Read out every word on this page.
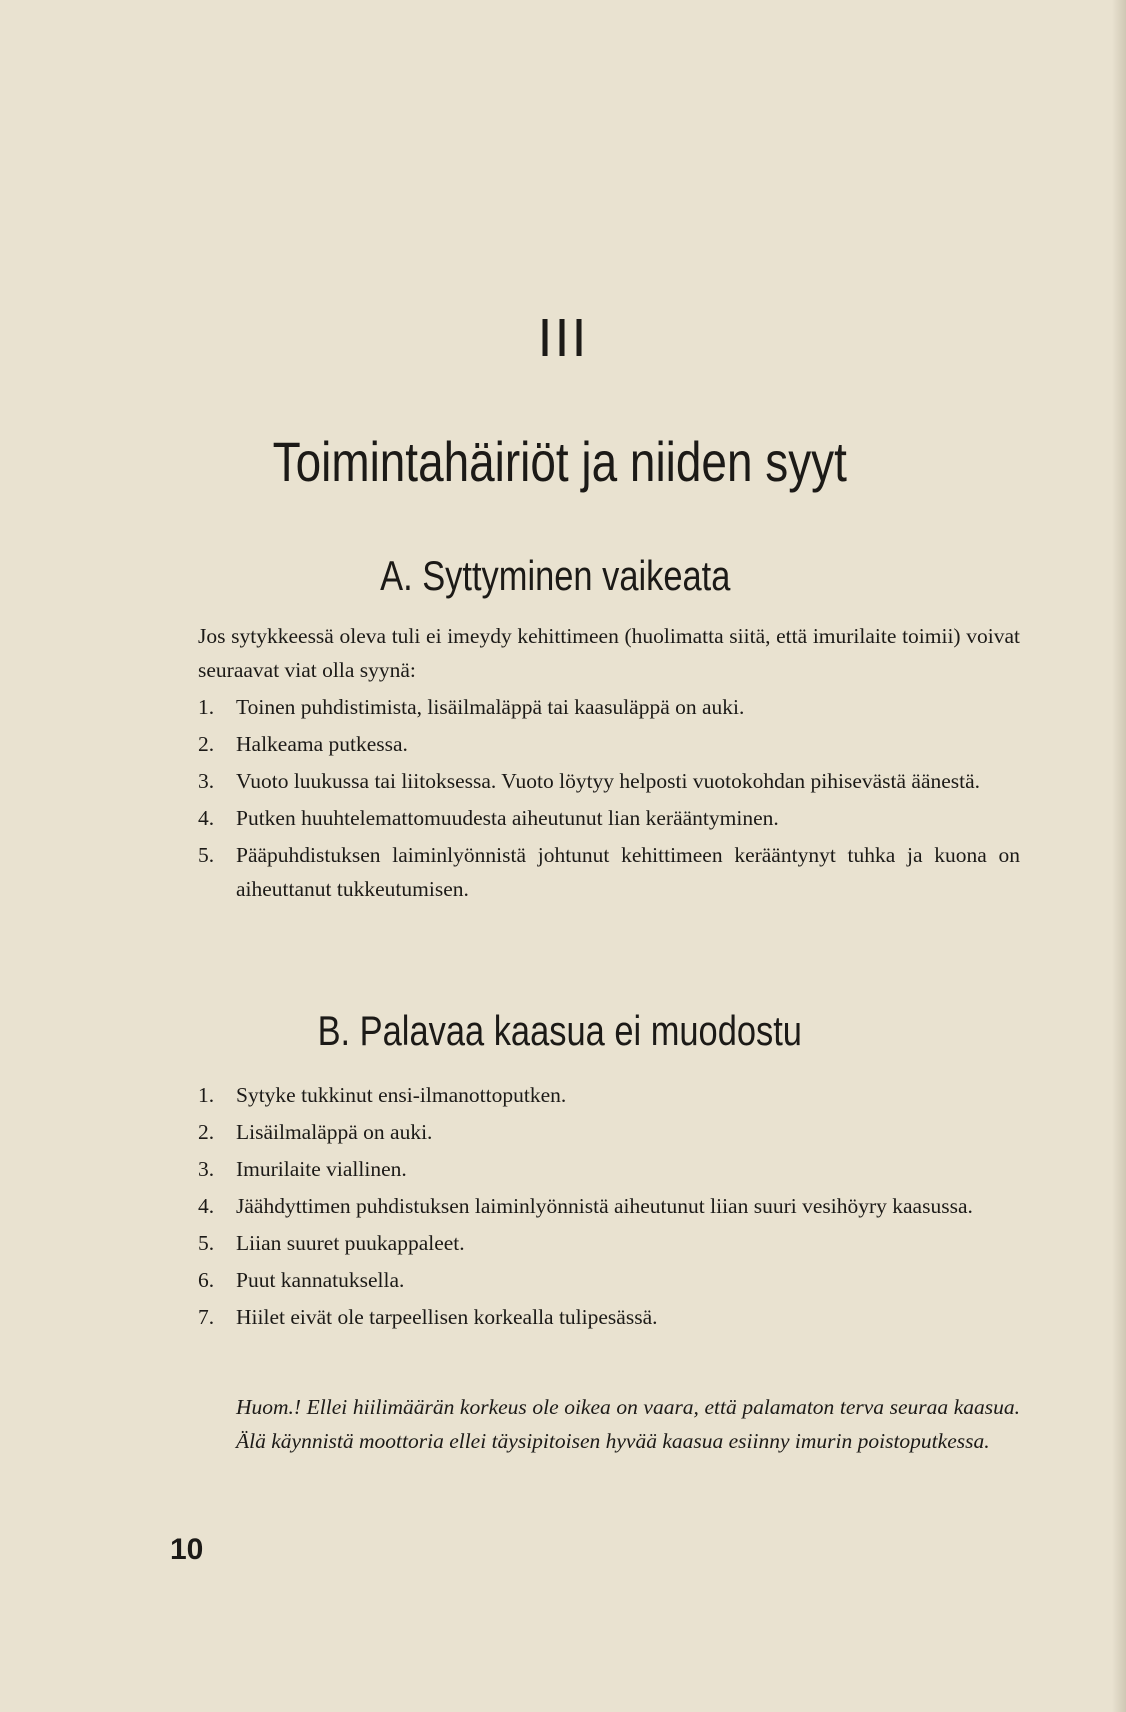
III
Toimintahäiriöt ja niiden syyt
A. Syttyminen vaikeata
Jos sytykkeessä oleva tuli ei imeydy kehittimeen (huolimatta siitä, että imurilaite toimii) voivat seuraavat viat olla syynä:
1. Toinen puhdistimista, lisäilmaläppä tai kaasuläppä on auki.
2. Halkeama putkessa.
3. Vuoto luukussa tai liitoksessa. Vuoto löytyy helposti vuotokohdan pihisevästä äänestä.
4. Putken huuhtelemattomuudesta aiheutunut lian kerääntyminen.
5. Pääpuhdistuksen laiminlyönnistä johtunut kehittimeen kerääntynyt tuhka ja kuona on aiheuttanut tukkeutumisen.
B. Palavaa kaasua ei muodostu
1. Sytyke tukkinut ensi-ilmanottoputken.
2. Lisäilmaläppä on auki.
3. Imurilaite viallinen.
4. Jäähdyttimen puhdistuksen laiminlyönnistä aiheutunut liian suuri vesihöyry kaasussa.
5. Liian suuret puukappaleet.
6. Puut kannatuksella.
7. Hiilet eivät ole tarpeellisen korkealla tulipesässä.
Huom.! Ellei hiilimäärän korkeus ole oikea on vaara, että palamaton terva seuraa kaasua. Älä käynnistä moottoria ellei täysipitoisen hyvää kaasua esiinny imurin poistoputkessa.
10
